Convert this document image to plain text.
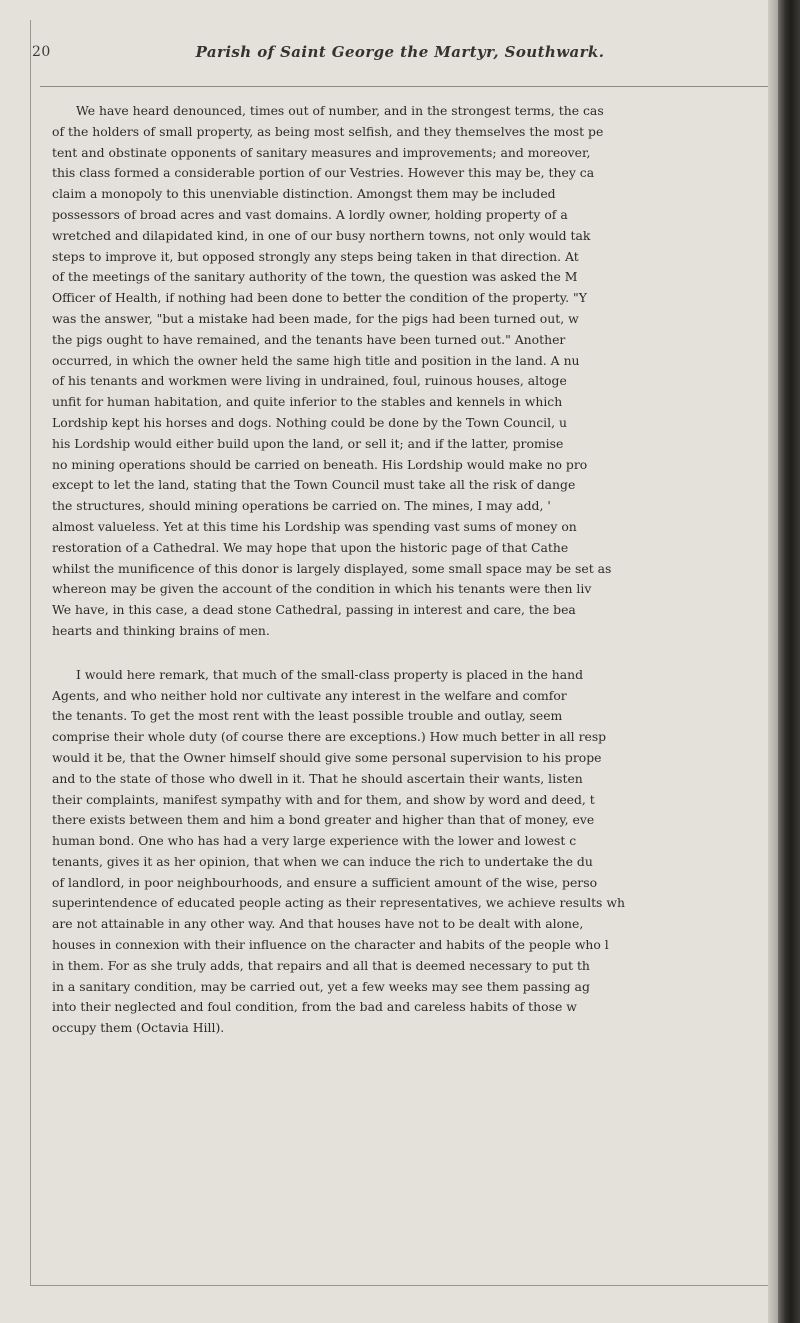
20	Parish of Saint George the Martyr, Southwark.
We have heard denounced, times out of number, and in the strongest terms, the cas
of the holders of small property, as being most selfish, and they themselves the most pe
tent and obstinate opponents of sanitary measures and improvements; and moreover,
this class formed a considerable portion of our Vestries. However this may be, they ca
claim a monopoly to this unenviable distinction. Amongst them may be included
possessors of broad acres and vast domains. A lordly owner, holding property of a
wretched and dilapidated kind, in one of our busy northern towns, not only would tak
steps to improve it, but opposed strongly any steps being taken in that direction. At
of the meetings of the sanitary authority of the town, the question was asked the M
Officer of Health, if nothing had been done to better the condition of the property. "Y
was the answer, "but a mistake had been made, for the pigs had been turned out, w
the pigs ought to have remained, and the tenants have been turned out." Another
occurred, in which the owner held the same high title and position in the land. A nu
of his tenants and workmen were living in undrained, foul, ruinous houses, altoge
unfit for human habitation, and quite inferior to the stables and kennels in which
Lordship kept his horses and dogs. Nothing could be done by the Town Council, u
his Lordship would either build upon the land, or sell it; and if the latter, promise
no mining operations should be carried on beneath. His Lordship would make no pro
except to let the land, stating that the Town Council must take all the risk of dange
the structures, should mining operations be carried on. The mines, I may add, '
almost valueless. Yet at this time his Lordship was spending vast sums of money on
restoration of a Cathedral. We may hope that upon the historic page of that Cathe
whilst the munificence of this donor is largely displayed, some small space may be set as
whereon may be given the account of the condition in which his tenants were then liv
We have, in this case, a dead stone Cathedral, passing in interest and care, the bea
hearts and thinking brains of men.
I would here remark, that much of the small-class property is placed in the hand
Agents, and who neither hold nor cultivate any interest in the welfare and comfor
the tenants. To get the most rent with the least possible trouble and outlay, seem
comprise their whole duty (of course there are exceptions.) How much better in all resp
would it be, that the Owner himself should give some personal supervision to his prope
and to the state of those who dwell in it. That he should ascertain their wants, listen
their complaints, manifest sympathy with and for them, and show by word and deed, t
there exists between them and him a bond greater and higher than that of money, eve
human bond. One who has had a very large experience with the lower and lowest c
tenants, gives it as her opinion, that when we can induce the rich to undertake the du
of landlord, in poor neighbourhoods, and ensure a sufficient amount of the wise, perso
superintendence of educated people acting as their representatives, we achieve results wh
are not attainable in any other way. And that houses have not to be dealt with alone,
houses in connexion with their influence on the character and habits of the people who l
in them. For as she truly adds, that repairs and all that is deemed necessary to put th
in a sanitary condition, may be carried out, yet a few weeks may see them passing ag
into their neglected and foul condition, from the bad and careless habits of those w
occupy them (Octavia Hill).
